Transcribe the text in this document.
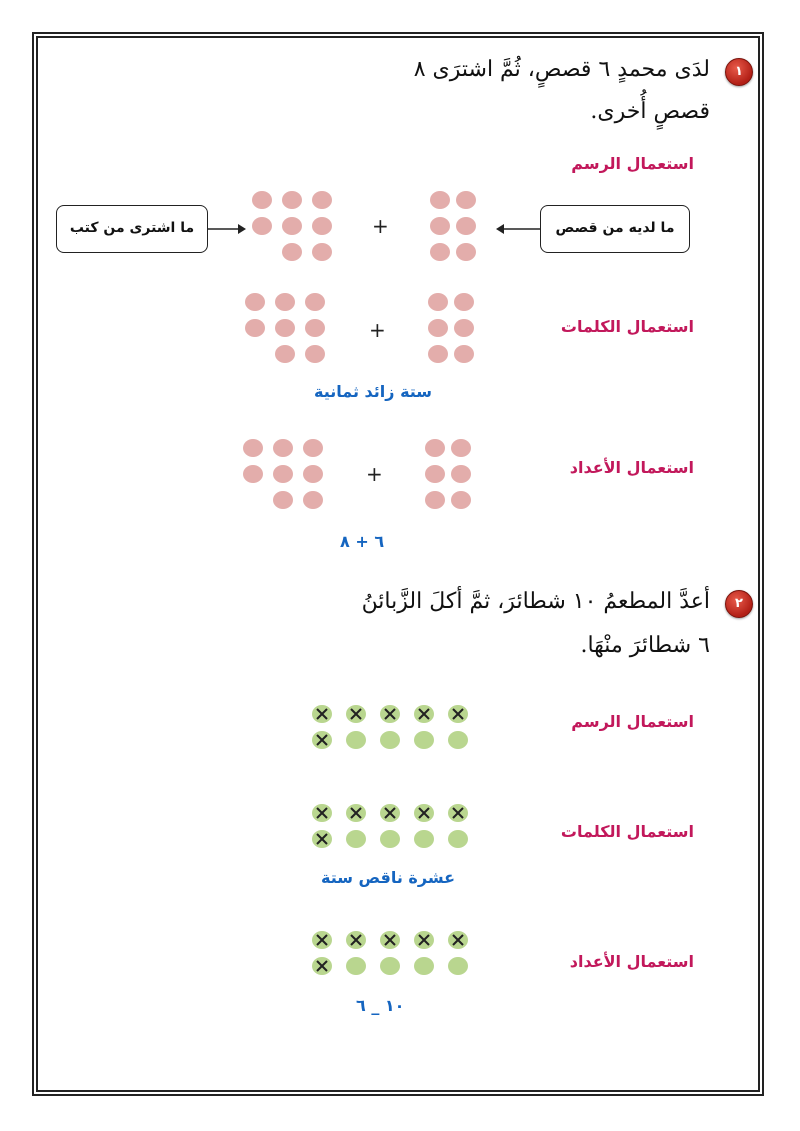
١
لدَى محمدٍ ٦ قصصٍ، ثُمَّ اشترَى ٨
قصصٍ أُخرى.
استعمال الرسم
ما اشترى من كتب	+	ما لديه من قصص
استعمال الكلمات
+
ستة زائد ثمانية
استعمال الأعداد
+
٦ + ٨
٢
أعدَّ المطعمُ ١٠ شطائرَ، ثمَّ أكلَ الزَّبائنُ
٦ شطائرَ منْهَا.
استعمال الرسم
استعمال الكلمات
عشرة ناقص ستة
استعمال الأعداد
١٠ _ ٦
